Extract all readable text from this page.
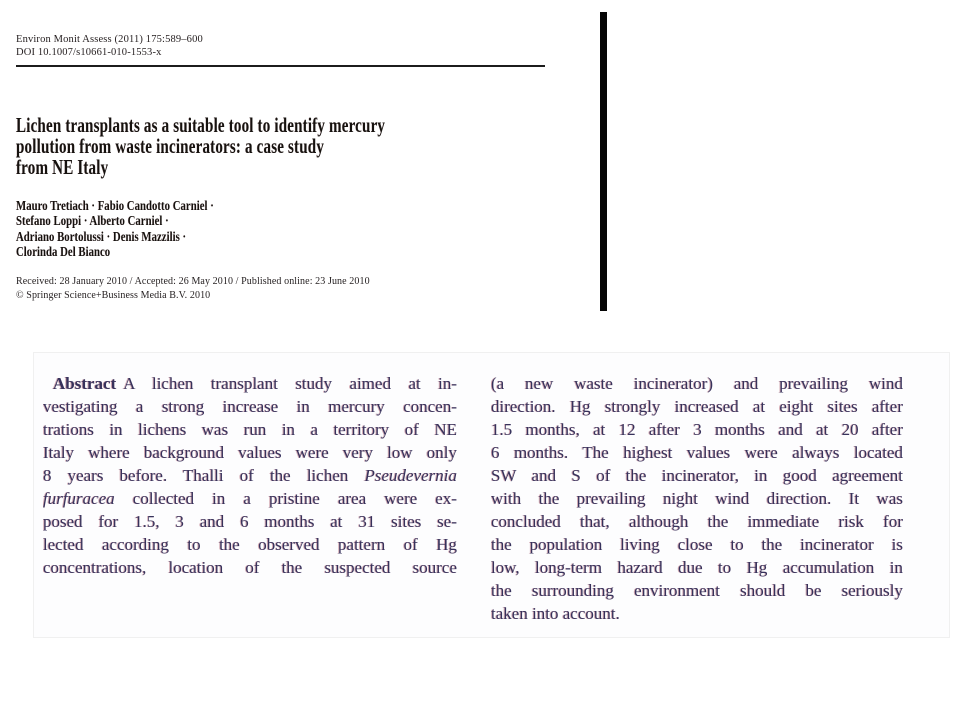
Environ Monit Assess (2011) 175:589–600
DOI 10.1007/s10661-010-1553-x
Lichen transplants as a suitable tool to identify mercury
pollution from waste incinerators: a case study
from NE Italy
Mauro Tretiach · Fabio Candotto Carniel ·
Stefano Loppi · Alberto Carniel ·
Adriano Bortolussi · Denis Mazzilis ·
Clorinda Del Bianco
Received: 28 January 2010 / Accepted: 26 May 2010 / Published online: 23 June 2010
© Springer Science+Business Media B.V. 2010
Abstract A lichen transplant study aimed at in-
vestigating a strong increase in mercury concen-
trations in lichens was run in a territory of NE
Italy where background values were very low only
8 years before. Thalli of the lichen Pseudevernia
furfuracea collected in a pristine area were ex-
posed for 1.5, 3 and 6 months at 31 sites se-
lected according to the observed pattern of Hg
concentrations, location of the suspected source
(a new waste incinerator) and prevailing wind
direction. Hg strongly increased at eight sites after
1.5 months, at 12 after 3 months and at 20 after
6 months. The highest values were always located
SW and S of the incinerator, in good agreement
with the prevailing night wind direction. It was
concluded that, although the immediate risk for
the population living close to the incinerator is
low, long-term hazard due to Hg accumulation in
the surrounding environment should be seriously
taken into account.
